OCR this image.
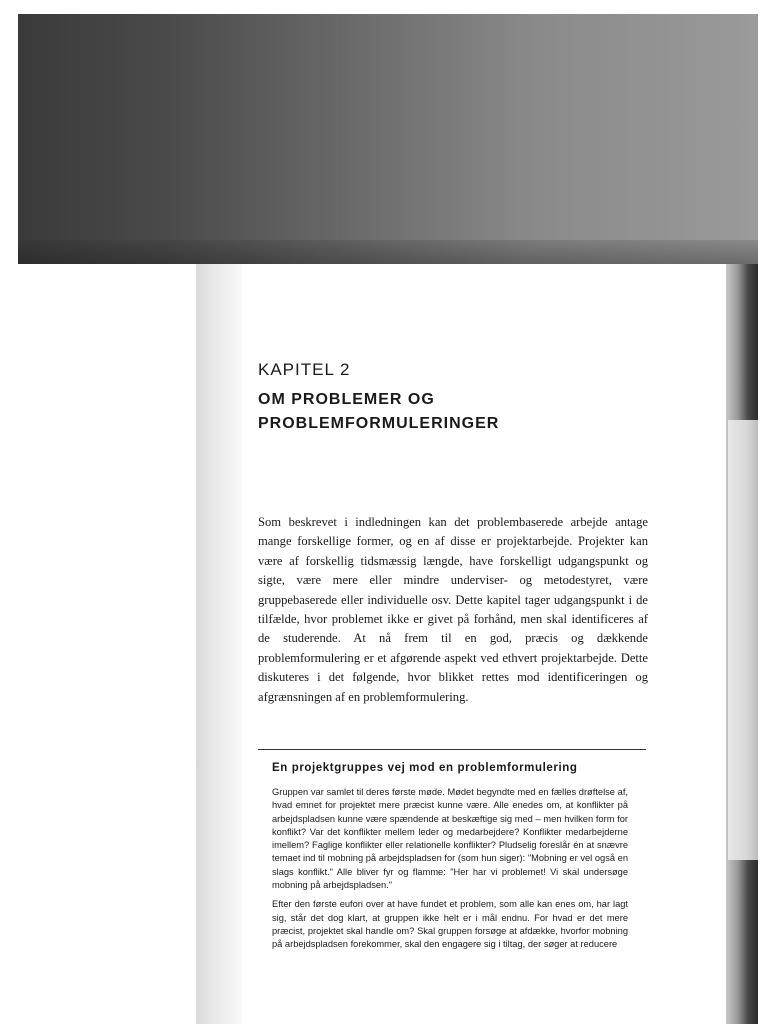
KAPITEL 2

OM PROBLEMER OG
PROBLEMFORMULERINGER

Som beskrevet i indledningen kan det problembaserede arbejde antage mange forskellige former, og en af disse er projektarbejde. Projekter kan være af forskellig tidsmæssig længde, have forskelligt udgangspunkt og sigte, være mere eller mindre underviser- og metodestyret, være gruppebaserede eller individuelle osv. Dette kapitel tager udgangspunkt i de tilfælde, hvor problemet ikke er givet på forhånd, men skal identificeres af de studerende. At nå frem til en god, præcis og dækkende problemformulering er et afgørende aspekt ved ethvert projektarbejde. Dette diskuteres i det følgende, hvor blikket rettes mod identificeringen og afgrænsningen af en problemformulering.

En projektgruppes vej mod en problemformulering

Gruppen var samlet til deres første møde. Mødet begyndte med en fælles drøftelse af, hvad emnet for projektet mere præcist kunne være. Alle enedes om, at konflikter på arbejdspladsen kunne være spændende at beskæftige sig med – men hvilken form for konflikt? Var det konflikter mellem leder og medarbejdere? Konflikter medarbejderne imellem? Faglige konflikter eller relationelle konflikter? Pludselig foreslår én at snævre temaet ind til mobning på arbejdspladsen for (som hun siger): "Mobning er vel også en slags konflikt." Alle bliver fyr og flamme: "Her har vi problemet! Vi skal undersøge mobning på arbejdspladsen."

Efter den første eufori over at have fundet et problem, som alle kan enes om, har lagt sig, står det dog klart, at gruppen ikke helt er i mål endnu. For hvad er det mere præcist, projektet skal handle om? Skal gruppen forsøge at afdække, hvorfor mobning på arbejdspladsen forekommer, skal den engagere sig i tiltag, der søger at reducere
